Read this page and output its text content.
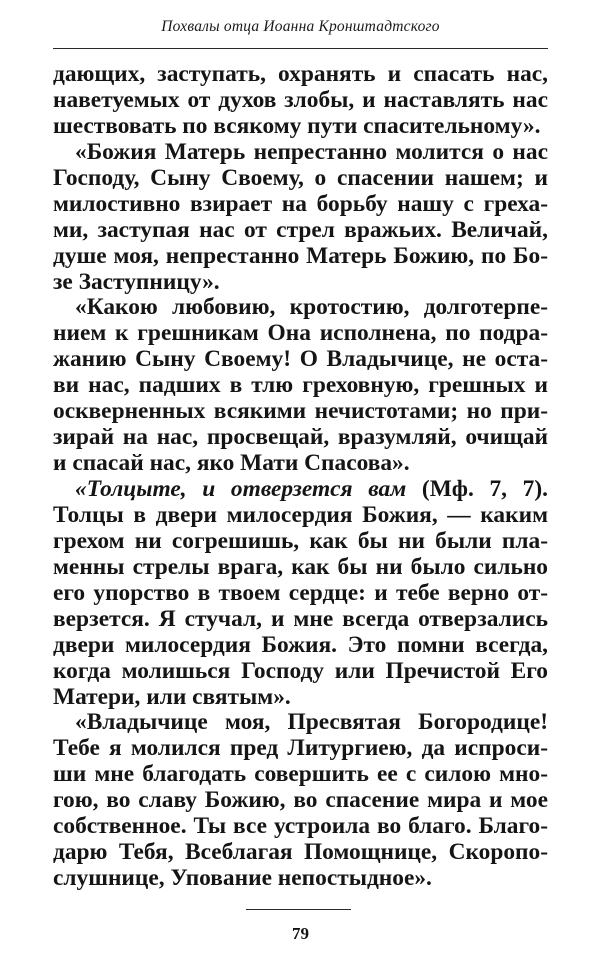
Похвалы отца Иоанна Кронштадтского
дающих, заступать, охранять и спасать нас,
наветуемых от духов злобы, и наставлять нас
шествовать по всякому пути спасительному».
«Божия Матерь непрестанно молится о нас
Господу, Сыну Своему, о спасении нашем; и
милостивно взирает на борьбу нашу с греха-
ми, заступая нас от стрел вражьих. Величай,
душе моя, непрестанно Матерь Божию, по Бо-
зе Заступницу».
«Какою любовию, кротостию, долготерпе-
нием к грешникам Она исполнена, по подра-
жанию Сыну Своему! О Владычице, не оста-
ви нас, падших в тлю греховную, грешных и
оскверненных всякими нечистотами; но при-
зирай на нас, просвещай, вразумляй, очищай
и спасай нас, яко Мати Спасова».
«Толцыте, и отверзется вам (Мф. 7, 7).
Толцы в двери милосердия Божия, — каким
грехом ни согрешишь, как бы ни были пла-
менны стрелы врага, как бы ни было сильно
его упорство в твоем сердце: и тебе верно от-
верзется. Я стучал, и мне всегда отверзались
двери милосердия Божия. Это помни всегда,
когда молишься Господу или Пречистой Его
Матери, или святым».
«Владычице моя, Пресвятая Богородице!
Тебе я молился пред Литургиею, да испроси-
ши мне благодать совершить ее с силою мно-
гою, во славу Божию, во спасение мира и мое
собственное. Ты все устроила во благо. Благо-
дарю Тебя, Всеблагая Помощнице, Скоропо-
слушнице, Упование непостыдное».
79
